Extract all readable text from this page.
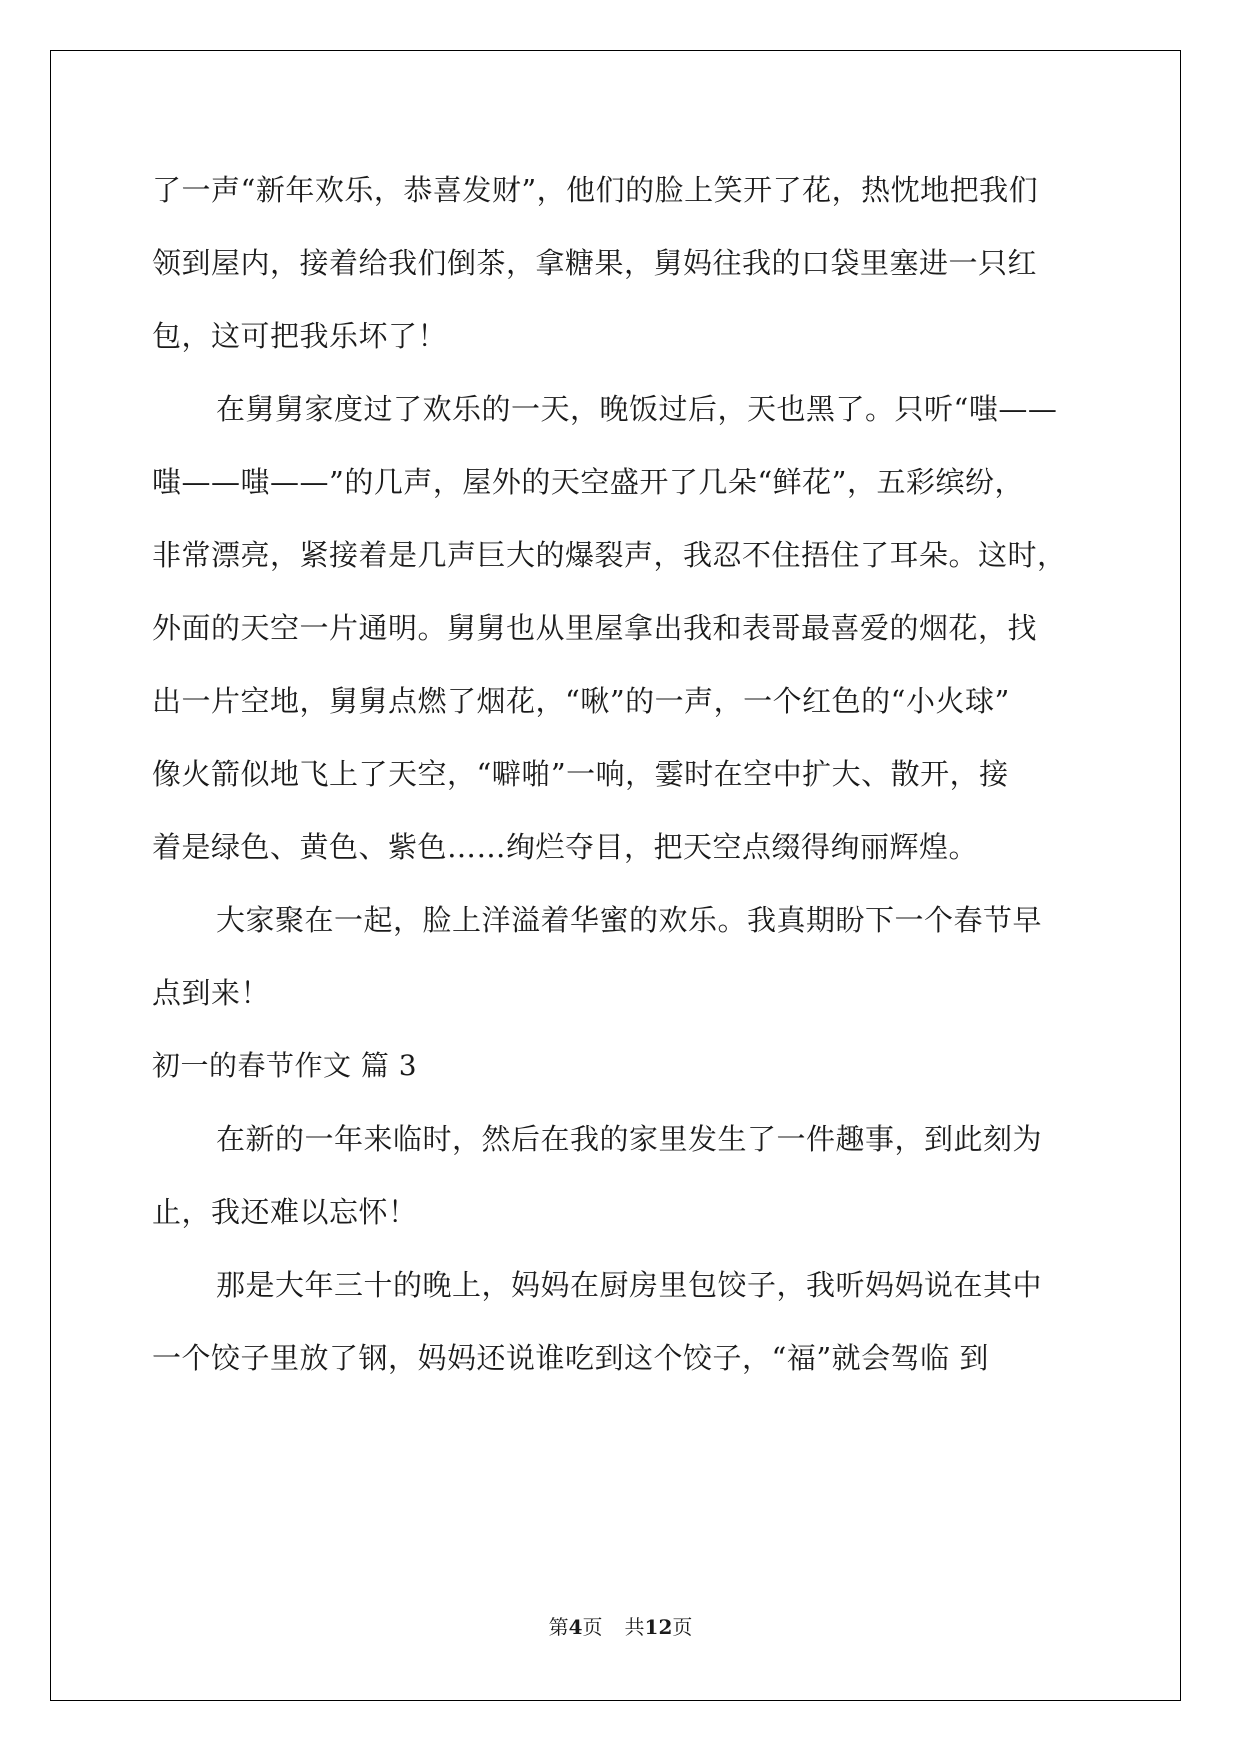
了一声“新年欢乐，恭喜发财”，他们的脸上笑开了花，热忱地把我们
领到屋内，接着给我们倒茶，拿糖果，舅妈往我的口袋里塞进一只红
包，这可把我乐坏了！
在舅舅家度过了欢乐的一天，晚饭过后，天也黑了。只听“嗤——
嗤——嗤——”的几声，屋外的天空盛开了几朵“鲜花”，五彩缤纷，
非常漂亮，紧接着是几声巨大的爆裂声，我忍不住捂住了耳朵。这时，
外面的天空一片通明。舅舅也从里屋拿出我和表哥最喜爱的烟花，找
出一片空地，舅舅点燃了烟花，“啾”的一声，一个红色的“小火球”
像火箭似地飞上了天空，“噼啪”一响，霎时在空中扩大、散开，接
着是绿色、黄色、紫色……绚烂夺目，把天空点缀得绚丽辉煌。
大家聚在一起，脸上洋溢着华蜜的欢乐。我真期盼下一个春节早
点到来！
初一的春节作文 篇 3
在新的一年来临时，然后在我的家里发生了一件趣事，到此刻为
止，我还难以忘怀！
那是大年三十的晚上，妈妈在厨房里包饺子，我听妈妈说在其中
一个饺子里放了钢，妈妈还说谁吃到这个饺子，“福”就会驾临 到
第4页 共12页
